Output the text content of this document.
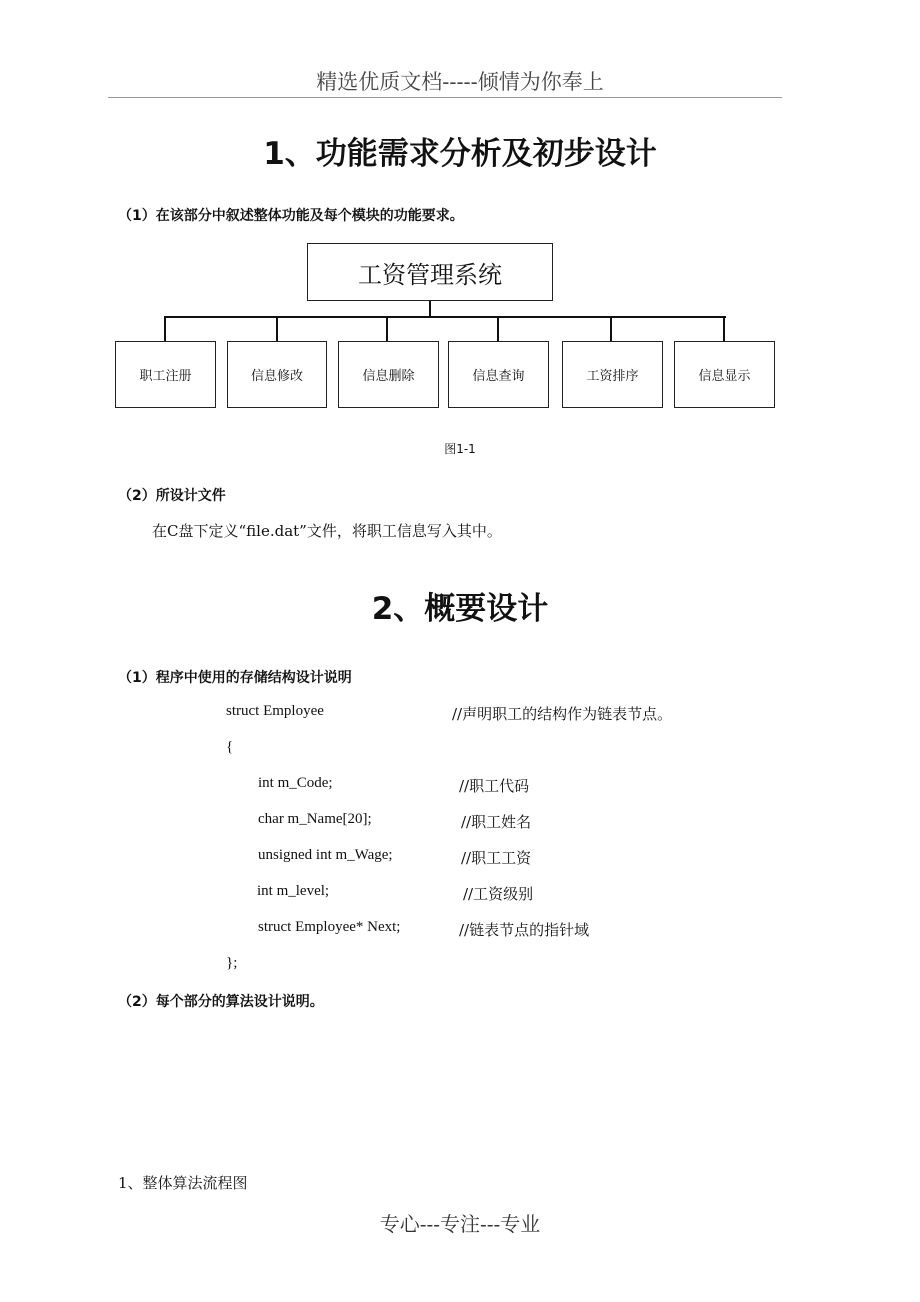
精选优质文档-----倾情为你奉上
1、功能需求分析及初步设计
（1）在该部分中叙述整体功能及每个模块的功能要求。
工资管理系统
职工注册	信息修改	信息删除	信息查询	工资排序	信息显示
图1-1
（2）所设计文件
在C盘下定义“file.dat”文件，将职工信息写入其中。
2、概要设计
（1）程序中使用的存储结构设计说明
struct Employee	//声明职工的结构作为链表节点。
{
int m_Code;	//职工代码
char m_Name[20];	//职工姓名
unsigned int m_Wage;	//职工工资
int m_level;	//工资级别
struct Employee* Next;	//链表节点的指针域
};
（2）每个部分的算法设计说明。
1、整体算法流程图
专心---专注---专业
